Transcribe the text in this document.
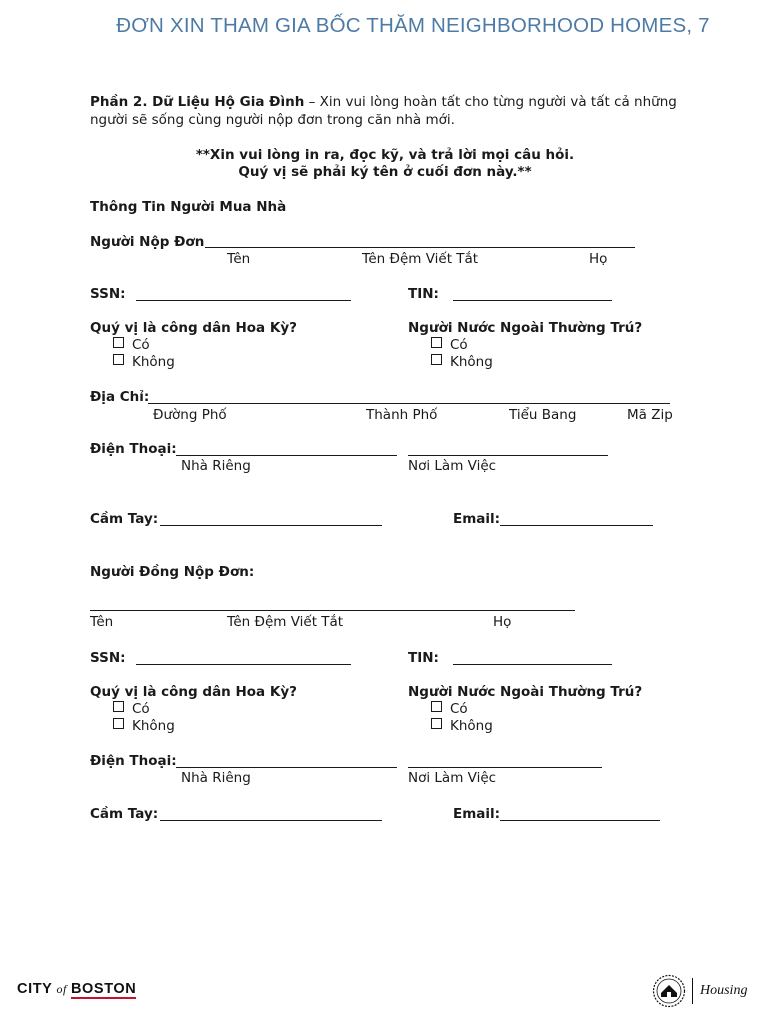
ĐƠN XIN THAM GIA BỐC THĂM NEIGHBORHOOD HOMES, 7
Phần 2. Dữ Liệu Hộ Gia Đình – Xin vui lòng hoàn tất cho từng người và tất cả những người sẽ sống cùng người nộp đơn trong căn nhà mới.
**Xin vui lòng in ra, đọc kỹ, và trả lời mọi câu hỏi.
Quý vị sẽ phải ký tên ở cuối đơn này.**
Thông Tin Người Mua Nhà
Người Nộp Đơn
Tên	Tên Đệm Viết Tắt	Họ
SSN:	TIN:
Quý vị là công dân Hoa Kỳ?
Có
Không
Người Nước Ngoài Thường Trú?
Có
Không
Địa Chỉ:
Đường Phố	Thành Phố	Tiểu Bang	Mã Zip
Điện Thoại:
Nhà Riêng	Nơi Làm Việc
Cầm Tay:	Email:
Người Đồng Nộp Đơn:
Tên	Tên Đệm Viết Tắt	Họ
SSN:	TIN:
Quý vị là công dân Hoa Kỳ?
Có
Không
Người Nước Ngoài Thường Trú?
Có
Không
Điện Thoại:
Nhà Riêng	Nơi Làm Việc
Cầm Tay:	Email:
CITY of BOSTON	Housing
